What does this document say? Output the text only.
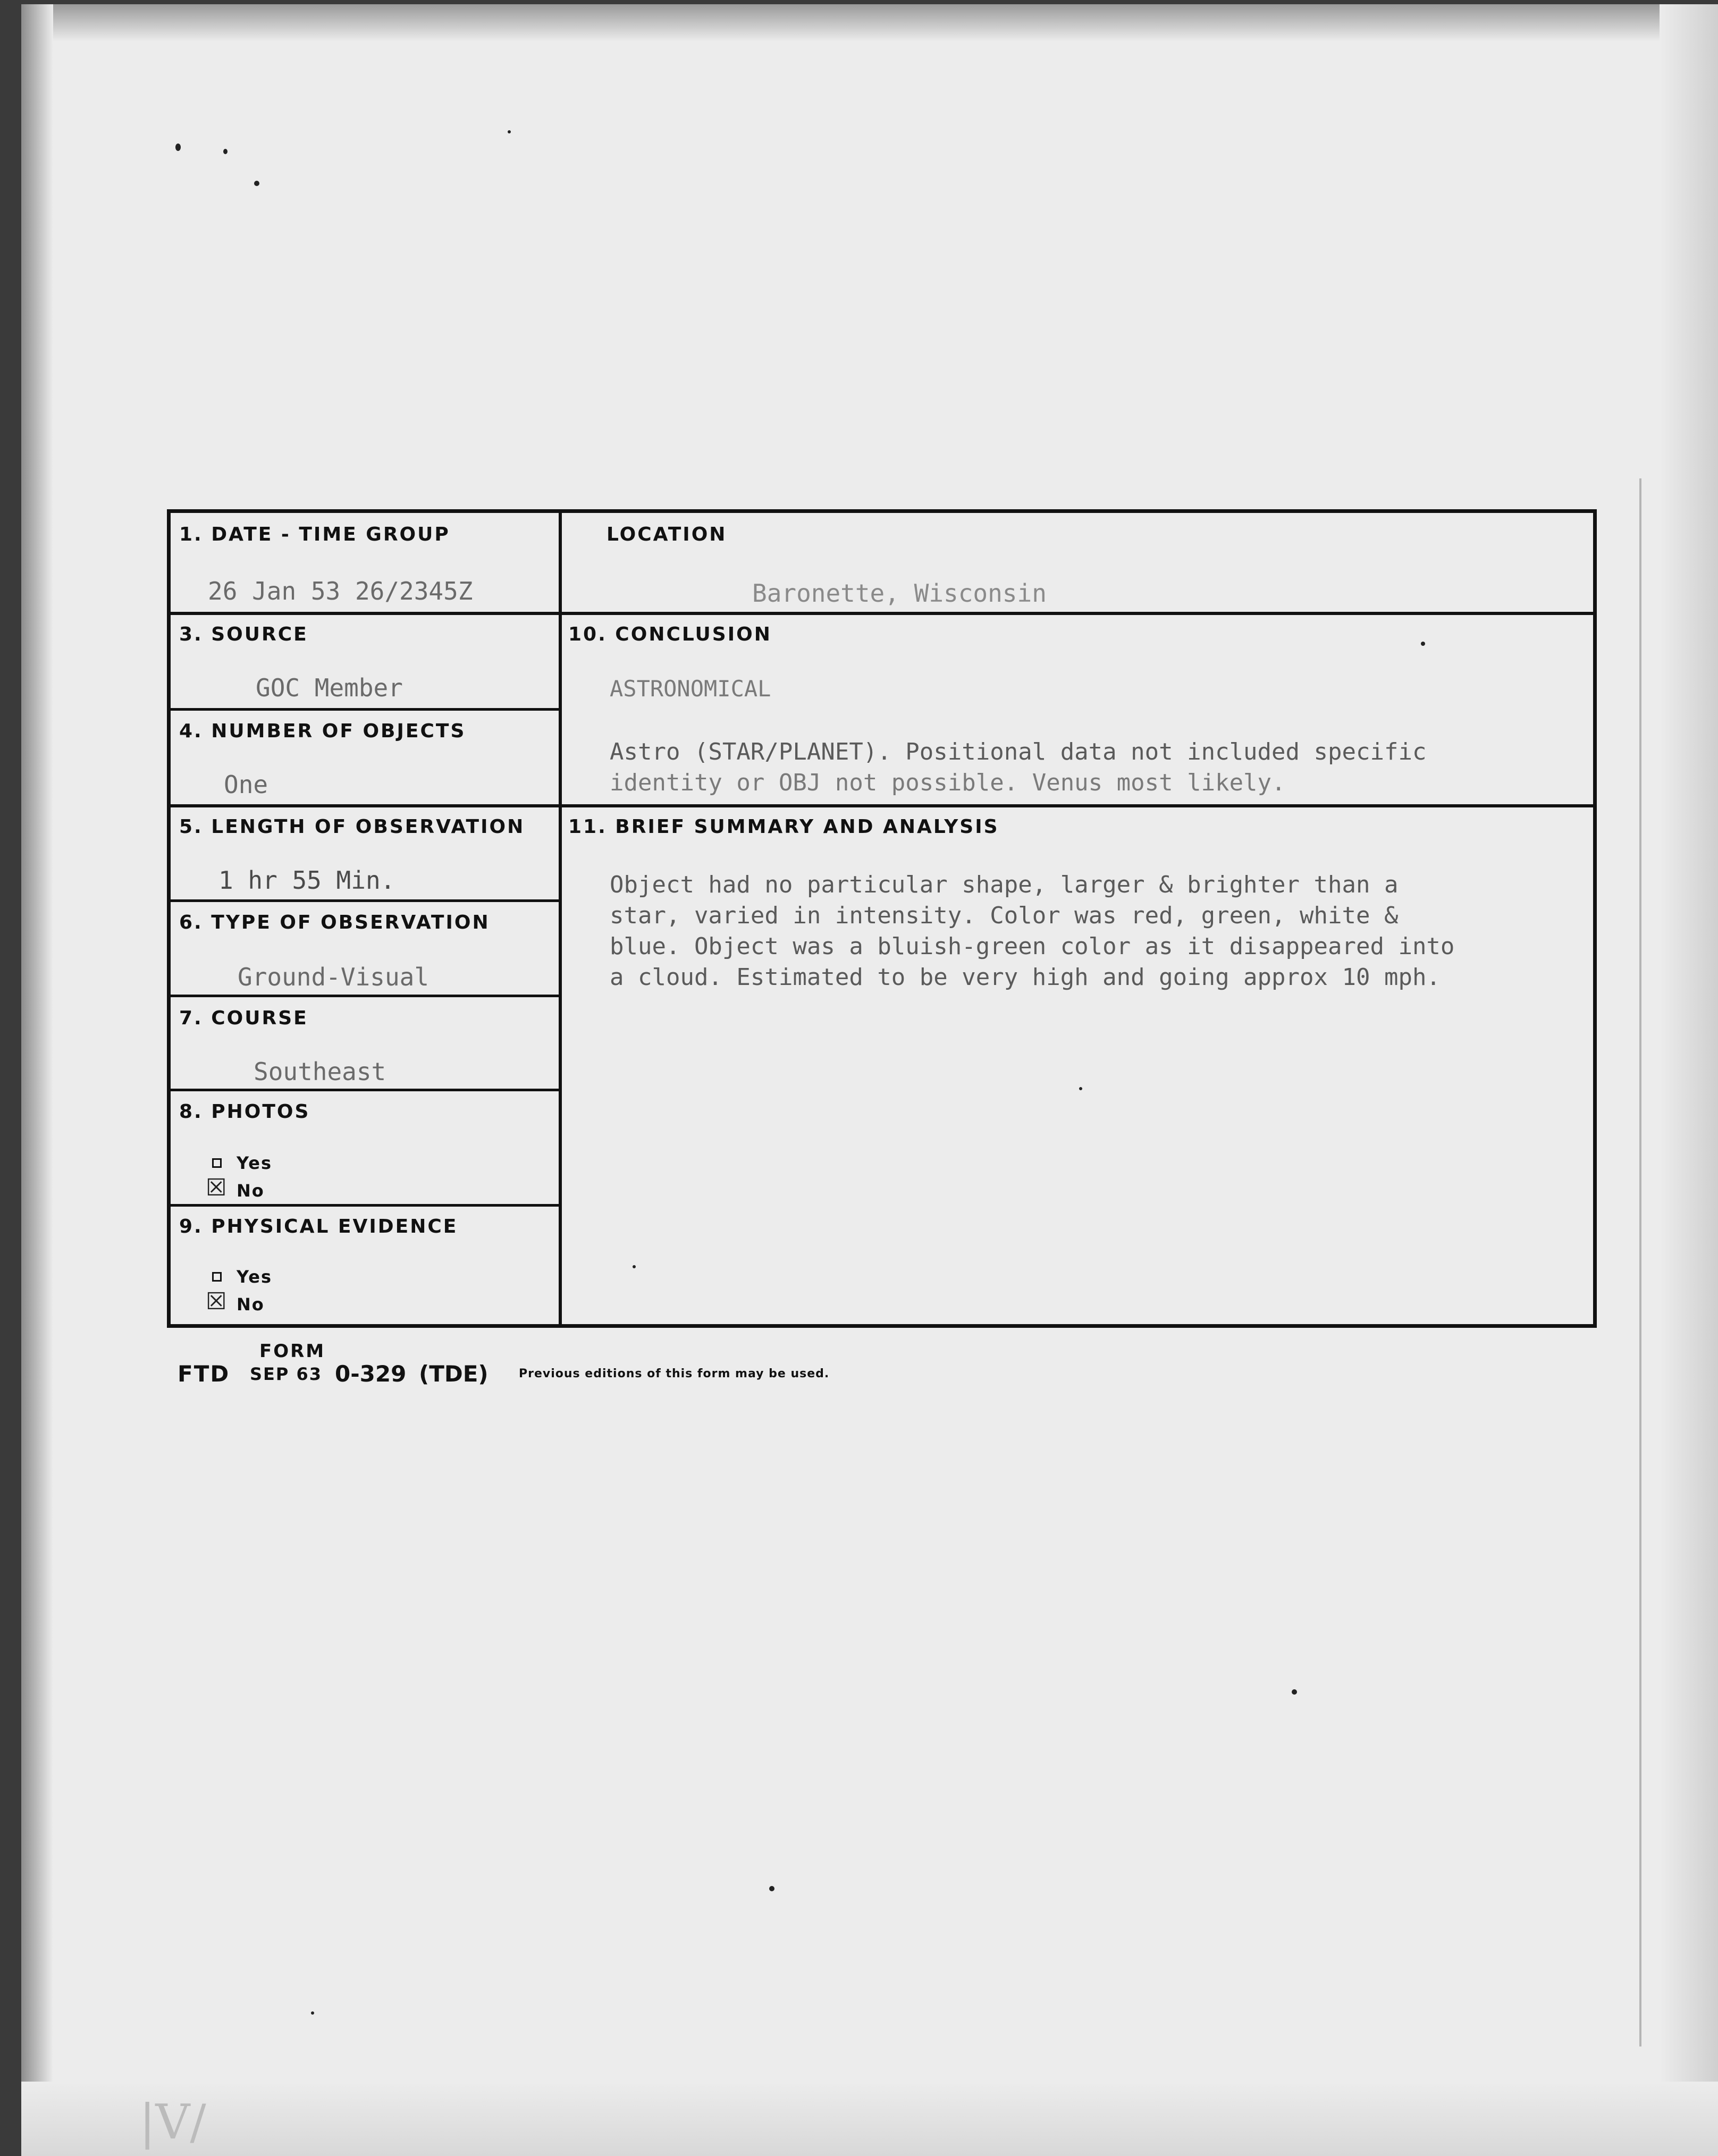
1. DATE - TIME GROUP
26 Jan 53 26/2345Z
LOCATION
Baronette, Wisconsin
3. SOURCE
GOC Member
4. NUMBER OF OBJECTS
One
10. CONCLUSION
ASTRONOMICAL
Astro (STAR/PLANET). Positional data not included specific
identity or OBJ not possible. Venus most likely.
5. LENGTH OF OBSERVATION
1 hr 55 Min.
11. BRIEF SUMMARY AND ANALYSIS
Object had no particular shape, larger & brighter than a
star, varied in intensity. Color was red, green, white &
blue. Object was a bluish-green color as it disappeared into
a cloud. Estimated to be very high and going approx 10 mph.
6. TYPE OF OBSERVATION
Ground-Visual
7. COURSE
Southeast
8. PHOTOS
Yes
☒ No
9. PHYSICAL EVIDENCE
Yes
☒ No
FORM
FTD SEP 63 0-329 (TDE)	Previous editions of this form may be used.
|V/
